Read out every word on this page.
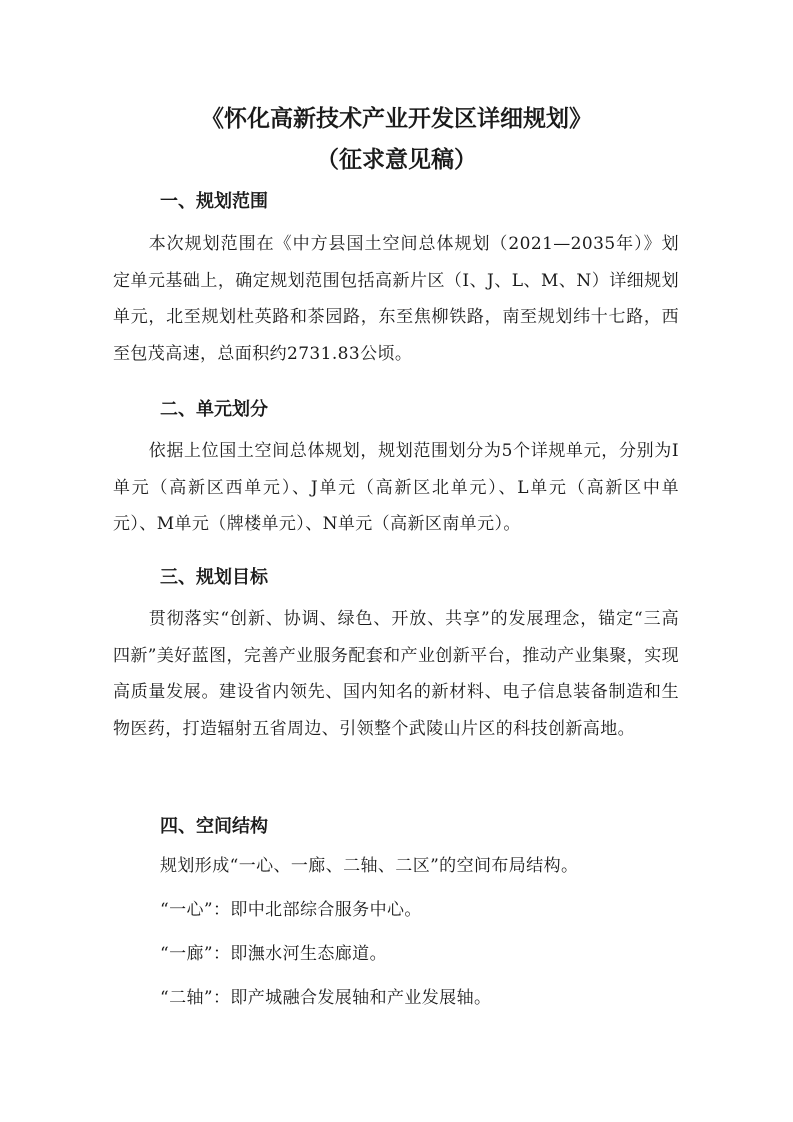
《怀化高新技术产业开发区详细规划》
（征求意见稿）
一、规划范围

本次规划范围在《中方县国土空间总体规划（2021—2035年）》划定单元基础上，确定规划范围包括高新片区（I、J、L、M、N）详细规划单元，北至规划杜英路和茶园路，东至焦柳铁路，南至规划纬十七路，西至包茂高速，总面积约2731.83公顷。

二、单元划分

依据上位国土空间总体规划，规划范围划分为5个详规单元，分别为I单元（高新区西单元）、J单元（高新区北单元）、L单元（高新区中单元）、M单元（牌楼单元）、N单元（高新区南单元）。

三、规划目标

贯彻落实“创新、协调、绿色、开放、共享”的发展理念，锚定“三高四新”美好蓝图，完善产业服务配套和产业创新平台，推动产业集聚，实现高质量发展。建设省内领先、国内知名的新材料、电子信息装备制造和生物医药，打造辐射五省周边、引领整个武陵山片区的科技创新高地。

四、空间结构

规划形成“一心、一廊、二轴、二区”的空间布局结构。

“一心”：即中北部综合服务中心。

“一廊”：即潕水河生态廊道。

“二轴”：即产城融合发展轴和产业发展轴。
